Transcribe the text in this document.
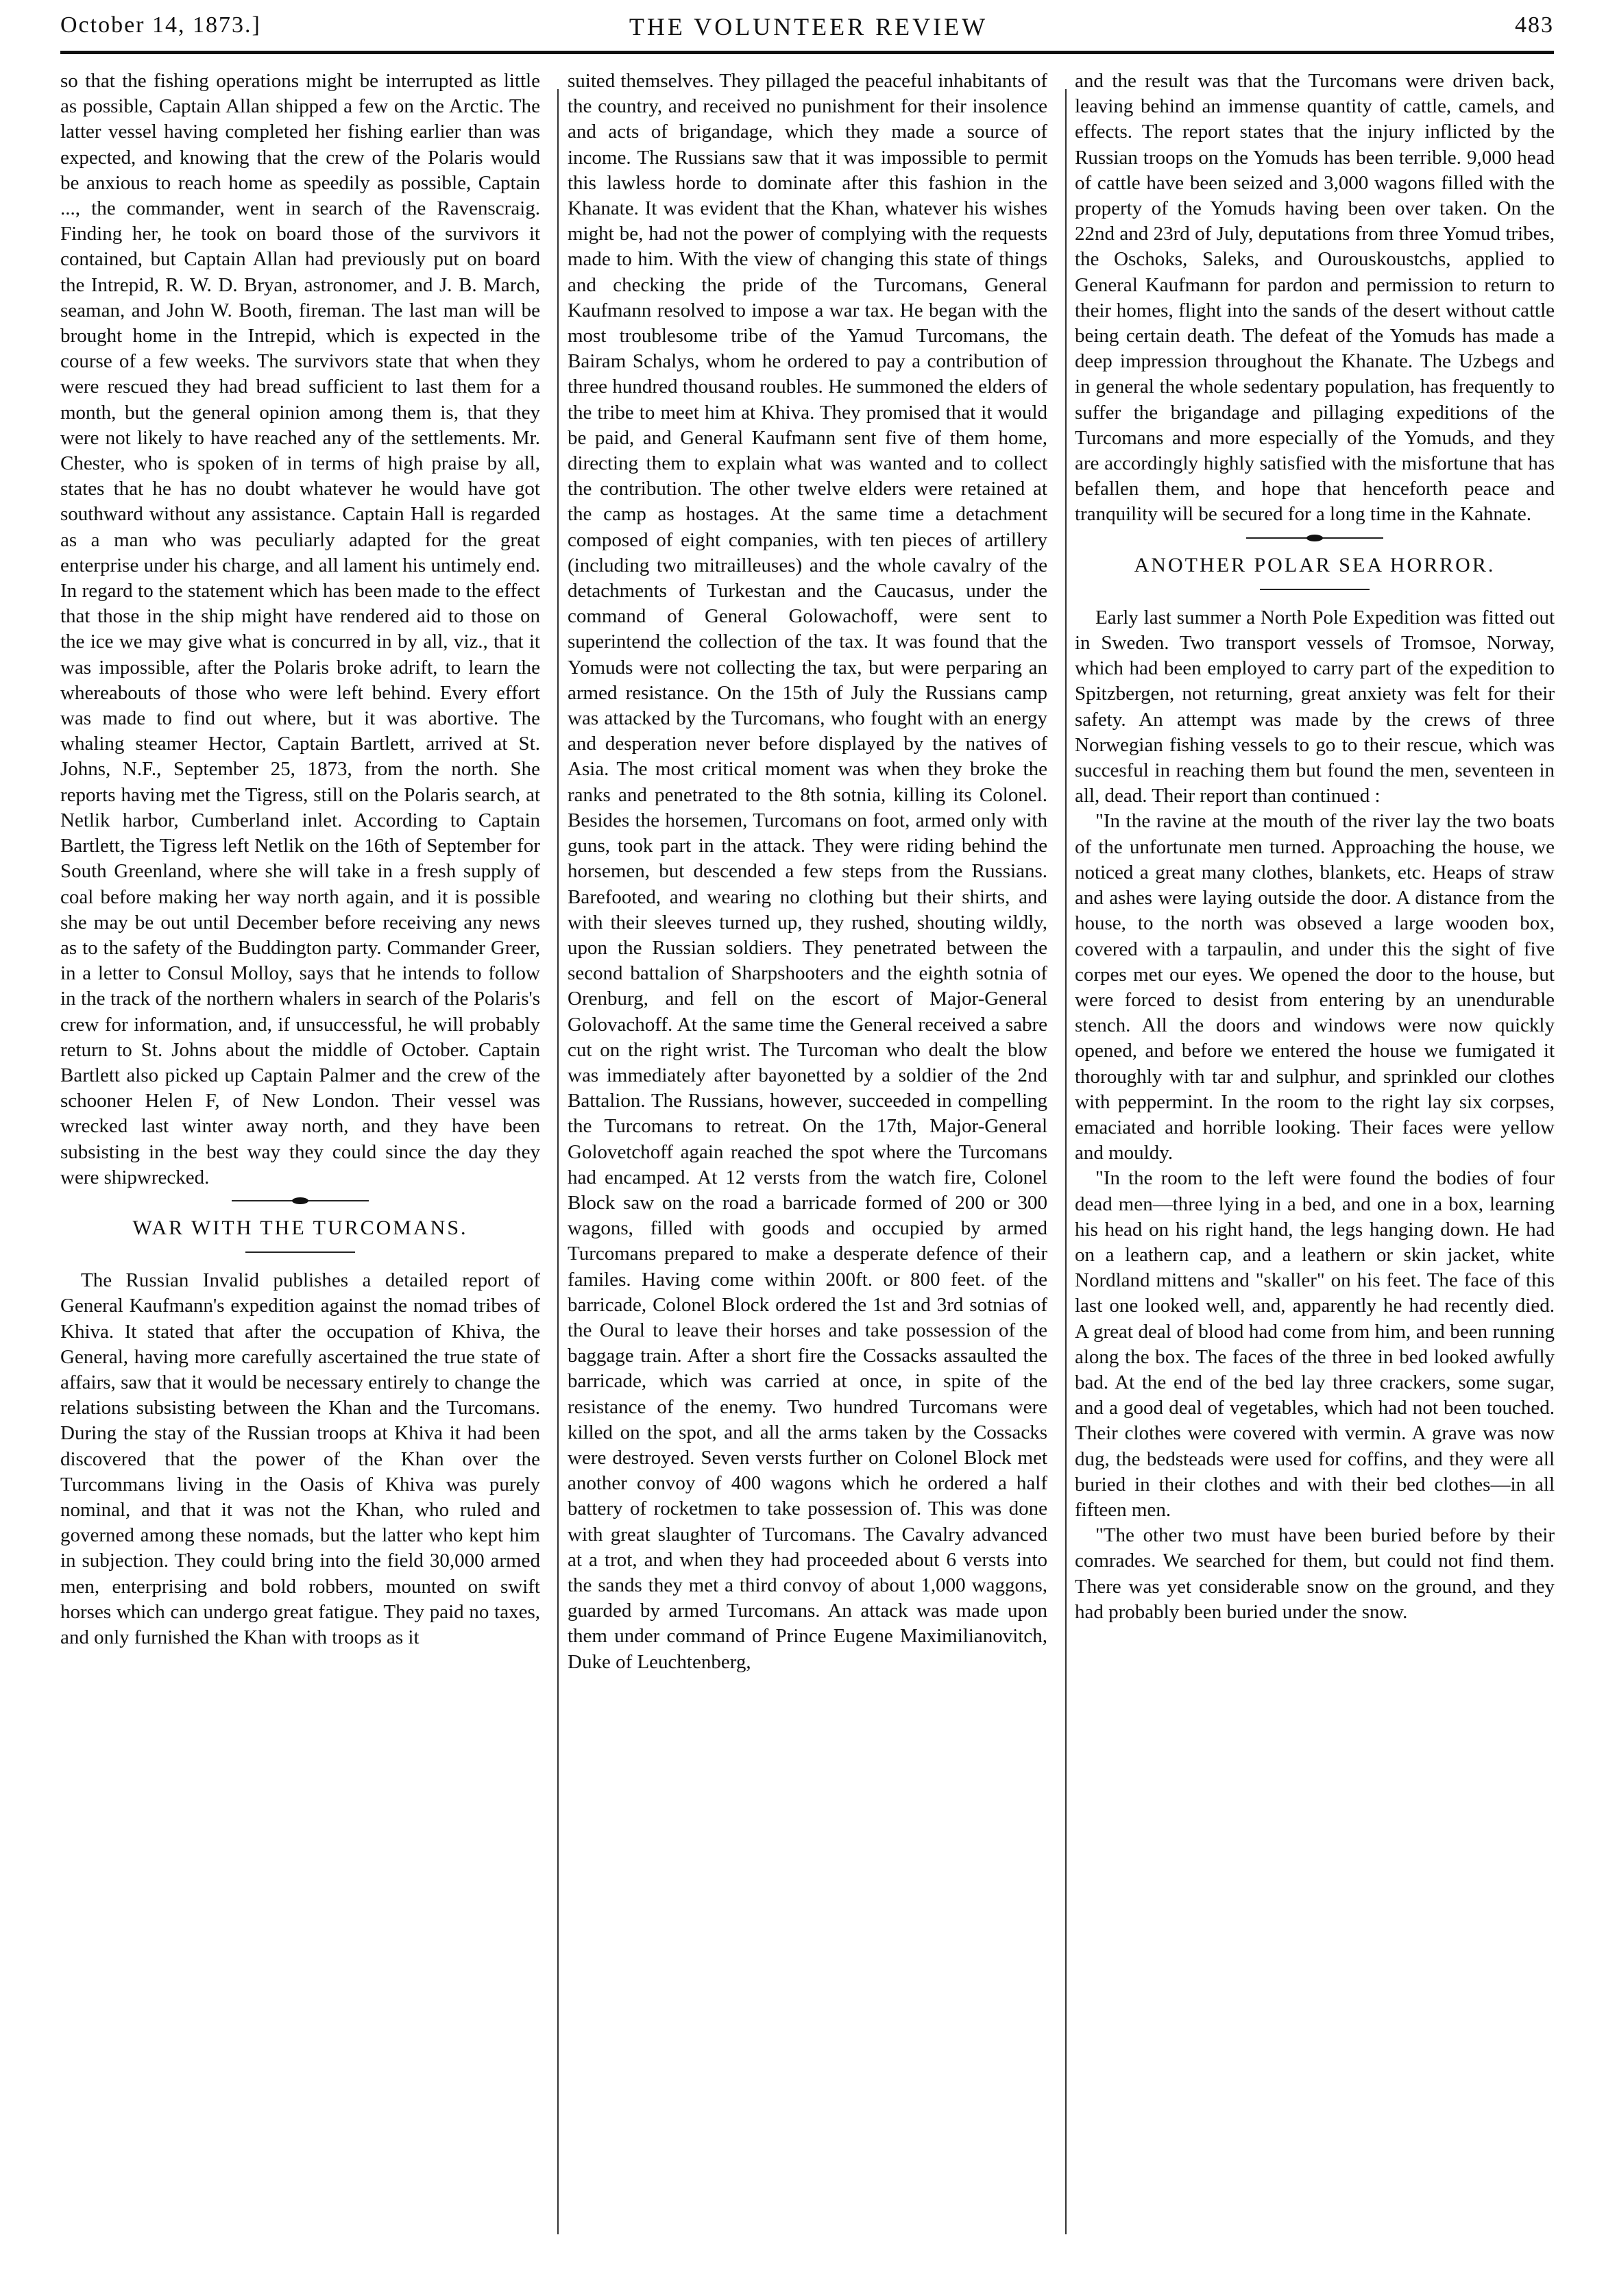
October 14, 1873.]	THE VOLUNTEER REVIEW	483

so that the fishing operations might be interrupted as little as possible, Captain Allan shipped a few on the Arctic. The latter vessel having completed her fishing earlier than was expected, and knowing that the crew of the Polaris would be anxious to reach home as speedily as possible, Captain ..., the commander, went in search of the Ravenscraig. Finding her, he took on board those of the survivors it contained, but Captain Allan had previously put on board the Intrepid, R. W. D. Bryan, astronomer, and J. B. March, seaman, and John W. Booth, fireman. The last man will be brought home in the Intrepid, which is expected in the course of a few weeks. The survivors state that when they were rescued they had bread sufficient to last them for a month, but the general opinion among them is, that they were not likely to have reached any of the settlements. Mr. Chester, who is spoken of in terms of high praise by all, states that he has no doubt whatever he would have got southward without any assistance. Captain Hall is regarded as a man who was peculiarly adapted for the great enterprise under his charge, and all lament his untimely end. In regard to the statement which has been made to the effect that those in the ship might have rendered aid to those on the ice we may give what is concurred in by all, viz., that it was impossible, after the Polaris broke adrift, to learn the whereabouts of those who were left behind. Every effort was made to find out where, but it was abortive. The whaling steamer Hector, Captain Bartlett, arrived at St. Johns, N.F., September 25, 1873, from the north. She reports having met the Tigress, still on the Polaris search, at Netlik harbor, Cumberland inlet. According to Captain Bartlett, the Tigress left Netlik on the 16th of September for South Greenland, where she will take in a fresh supply of coal before making her way north again, and it is possible she may be out until December before receiving any news as to the safety of the Buddington party. Commander Greer, in a letter to Consul Molloy, says that he intends to follow in the track of the northern whalers in search of the Polaris's crew for information, and, if unsuccessful, he will probably return to St. Johns about the middle of October. Captain Bartlett also picked up Captain Palmer and the crew of the schooner Helen F, of New London. Their vessel was wrecked last winter away north, and they have been subsisting in the best way they could since the day they were shipwrecked.

WAR WITH THE TURCOMANS.

The Russian Invalid publishes a detailed report of General Kaufmann's expedition against the nomad tribes of Khiva. It stated that after the occupation of Khiva, the General, having more carefully ascertained the true state of affairs, saw that it would be necessary entirely to change the relations subsisting between the Khan and the Turcomans. During the stay of the Russian troops at Khiva it had been discovered that the power of the Khan over the Turcommans living in the Oasis of Khiva was purely nominal, and that it was not the Khan, who ruled and governed among these nomads, but the latter who kept him in subjection. They could bring into the field 30,000 armed men, enterprising and bold robbers, mounted on swift horses which can undergo great fatigue. They paid no taxes, and only furnished the Khan with troops as it

suited themselves. They pillaged the peaceful inhabitants of the country, and received no punishment for their insolence and acts of brigandage, which they made a source of income. The Russians saw that it was impossible to permit this lawless horde to dominate after this fashion in the Khanate. It was evident that the Khan, whatever his wishes might be, had not the power of complying with the requests made to him. With the view of changing this state of things and checking the pride of the Turcomans, General Kaufmann resolved to impose a war tax. He began with the most troublesome tribe of the Yamud Turcomans, the Bairam Schalys, whom he ordered to pay a contribution of three hundred thousand roubles. He summoned the elders of the tribe to meet him at Khiva. They promised that it would be paid, and General Kaufmann sent five of them home, directing them to explain what was wanted and to collect the contribution. The other twelve elders were retained at the camp as hostages. At the same time a detachment composed of eight companies, with ten pieces of artillery (including two mitrailleuses) and the whole cavalry of the detachments of Turkestan and the Caucasus, under the command of General Golowachoff, were sent to superintend the collection of the tax. It was found that the Yomuds were not collecting the tax, but were perparing an armed resistance. On the 15th of July the Russians camp was attacked by the Turcomans, who fought with an energy and desperation never before displayed by the natives of Asia. The most critical moment was when they broke the ranks and penetrated to the 8th sotnia, killing its Colonel. Besides the horsemen, Turcomans on foot, armed only with guns, took part in the attack. They were riding behind the horsemen, but descended a few steps from the Russians. Barefooted, and wearing no clothing but their shirts, and with their sleeves turned up, they rushed, shouting wildly, upon the Russian soldiers. They penetrated between the second battalion of Sharpshooters and the eighth sotnia of Orenburg, and fell on the escort of Major-General Golovachoff. At the same time the General received a sabre cut on the right wrist. The Turcoman who dealt the blow was immediately after bayonetted by a soldier of the 2nd Battalion. The Russians, however, succeeded in compelling the Turcomans to retreat. On the 17th, Major-General Golovetchoff again reached the spot where the Turcomans had encamped. At 12 versts from the watch fire, Colonel Block saw on the road a barricade formed of 200 or 300 wagons, filled with goods and occupied by armed Turcomans prepared to make a desperate defence of their familes. Having come within 200ft. or 800 feet. of the barricade, Colonel Block ordered the 1st and 3rd sotnias of the Oural to leave their horses and take possession of the baggage train. After a short fire the Cossacks assaulted the barricade, which was carried at once, in spite of the resistance of the enemy. Two hundred Turcomans were killed on the spot, and all the arms taken by the Cossacks were destroyed. Seven versts further on Colonel Block met another convoy of 400 wagons which he ordered a half battery of rocketmen to take possession of. This was done with great slaughter of Turcomans. The Cavalry advanced at a trot, and when they had proceeded about 6 versts into the sands they met a third convoy of about 1,000 waggons, guarded by armed Turcomans. An attack was made upon them under command of Prince Eugene Maximilianovitch, Duke of Leuchtenberg,

and the result was that the Turcomans were driven back, leaving behind an immense quantity of cattle, camels, and effects. The report states that the injury inflicted by the Russian troops on the Yomuds has been terrible. 9,000 head of cattle have been seized and 3,000 wagons filled with the property of the Yomuds having been over taken. On the 22nd and 23rd of July, deputations from three Yomud tribes, the Oschoks, Saleks, and Ourouskoustchs, applied to General Kaufmann for pardon and permission to return to their homes, flight into the sands of the desert without cattle being certain death. The defeat of the Yomuds has made a deep impression throughout the Khanate. The Uzbegs and in general the whole sedentary population, has frequently to suffer the brigandage and pillaging expeditions of the Turcomans and more especially of the Yomuds, and they are accordingly highly satisfied with the misfortune that has befallen them, and hope that henceforth peace and tranquility will be secured for a long time in the Kahnate.

ANOTHER POLAR SEA HORROR.

Early last summer a North Pole Expedition was fitted out in Sweden. Two transport vessels of Tromsoe, Norway, which had been employed to carry part of the expedition to Spitzbergen, not returning, great anxiety was felt for their safety. An attempt was made by the crews of three Norwegian fishing vessels to go to their rescue, which was succesful in reaching them but found the men, seventeen in all, dead. Their report than continued :

"In the ravine at the mouth of the river lay the two boats of the unfortunate men turned. Approaching the house, we noticed a great many clothes, blankets, etc. Heaps of straw and ashes were laying outside the door. A distance from the house, to the north was obseved a large wooden box, covered with a tarpaulin, and under this the sight of five corpes met our eyes. We opened the door to the house, but were forced to desist from entering by an unendurable stench. All the doors and windows were now quickly opened, and before we entered the house we fumigated it thoroughly with tar and sulphur, and sprinkled our clothes with peppermint. In the room to the right lay six corpses, emaciated and horrible looking. Their faces were yellow and mouldy.

"In the room to the left were found the bodies of four dead men—three lying in a bed, and one in a box, learning his head on his right hand, the legs hanging down. He had on a leathern cap, and a leathern or skin jacket, white Nordland mittens and "skaller" on his feet. The face of this last one looked well, and, apparently he had recently died. A great deal of blood had come from him, and been running along the box. The faces of the three in bed looked awfully bad. At the end of the bed lay three crackers, some sugar, and a good deal of vegetables, which had not been touched. Their clothes were covered with vermin. A grave was now dug, the bedsteads were used for coffins, and they were all buried in their clothes and with their bed clothes—in all fifteen men.

"The other two must have been buried before by their comrades. We searched for them, but could not find them. There was yet considerable snow on the ground, and they had probably been buried under the snow.
